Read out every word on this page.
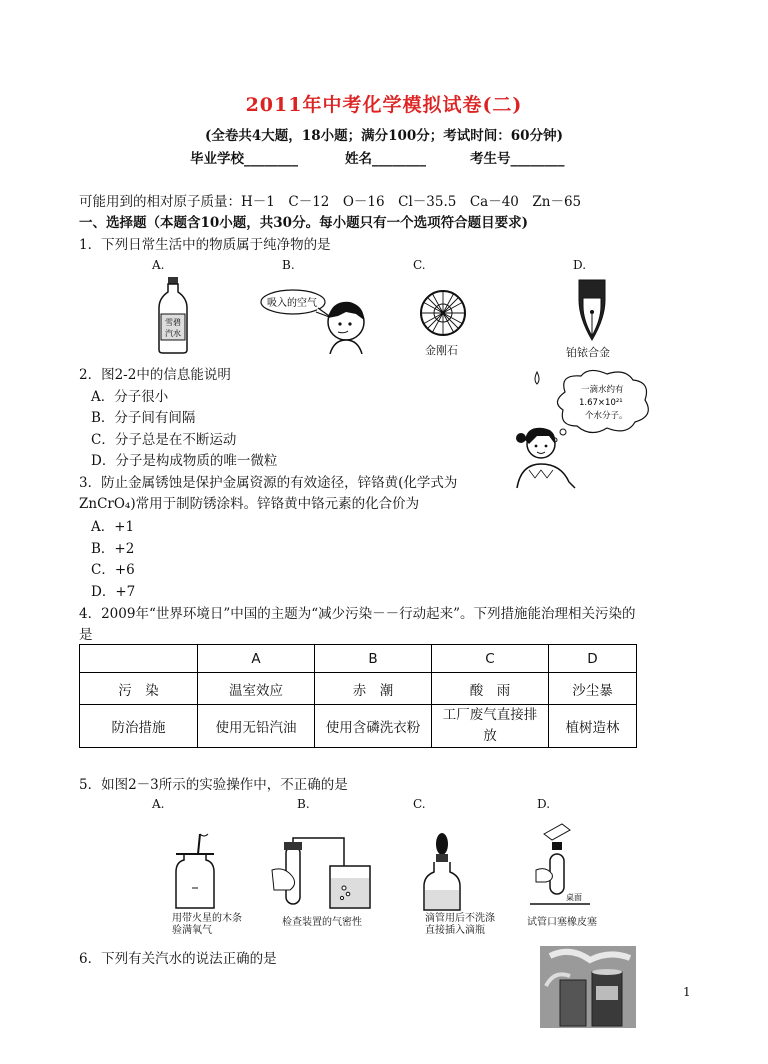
2011年中考化学模拟试卷(二)
(全卷共4大题，18小题；满分100分；考试时间：60分钟)
毕业学校________	姓名________	考生号________
可能用到的相对原子质量：H－1　C－12　O－16　Cl－35.5　Ca－40　Zn－65
一、选择题（本题含10小题，共30分。每小题只有一个选项符合题目要求)
1．下列日常生活中的物质属于纯净物的是
A.	B.	C.	D.
雪碧
汽水
吸入的空气
金刚石	铂铱合金
2．图2-2中的信息能说明
A．分子很小
B．分子间有间隔
C．分子总是在不断运动
D．分子是构成物质的唯一微粒
一滴水约有
1.67×10²¹
个水分子。
3．防止金属锈蚀是保护金属资源的有效途径，锌铬黄(化学式为
ZnCrO₄)常用于制防锈涂料。锌铬黄中铬元素的化合价为
A．+1
B．+2
C．+6
D．+7
4．2009年“世界环境日”中国的主题为“减少污染－－行动起来”。下列措施能治理相关污染的
是
	A	B	C	D
污　染	温室效应	赤　潮	酸　雨	沙尘暴
防治措施	使用无铅汽油	使用含磷洗衣粉	工厂废气直接排放	植树造林
5．如图2－3所示的实验操作中，不正确的是
A.	B.	C.	D.
用带火星的木条
验满氧气
检查装置的气密性	滴管用后不洗涤
直接插入滴瓶
桌面
试管口塞橡皮塞
6．下列有关汽水的说法正确的是
1
